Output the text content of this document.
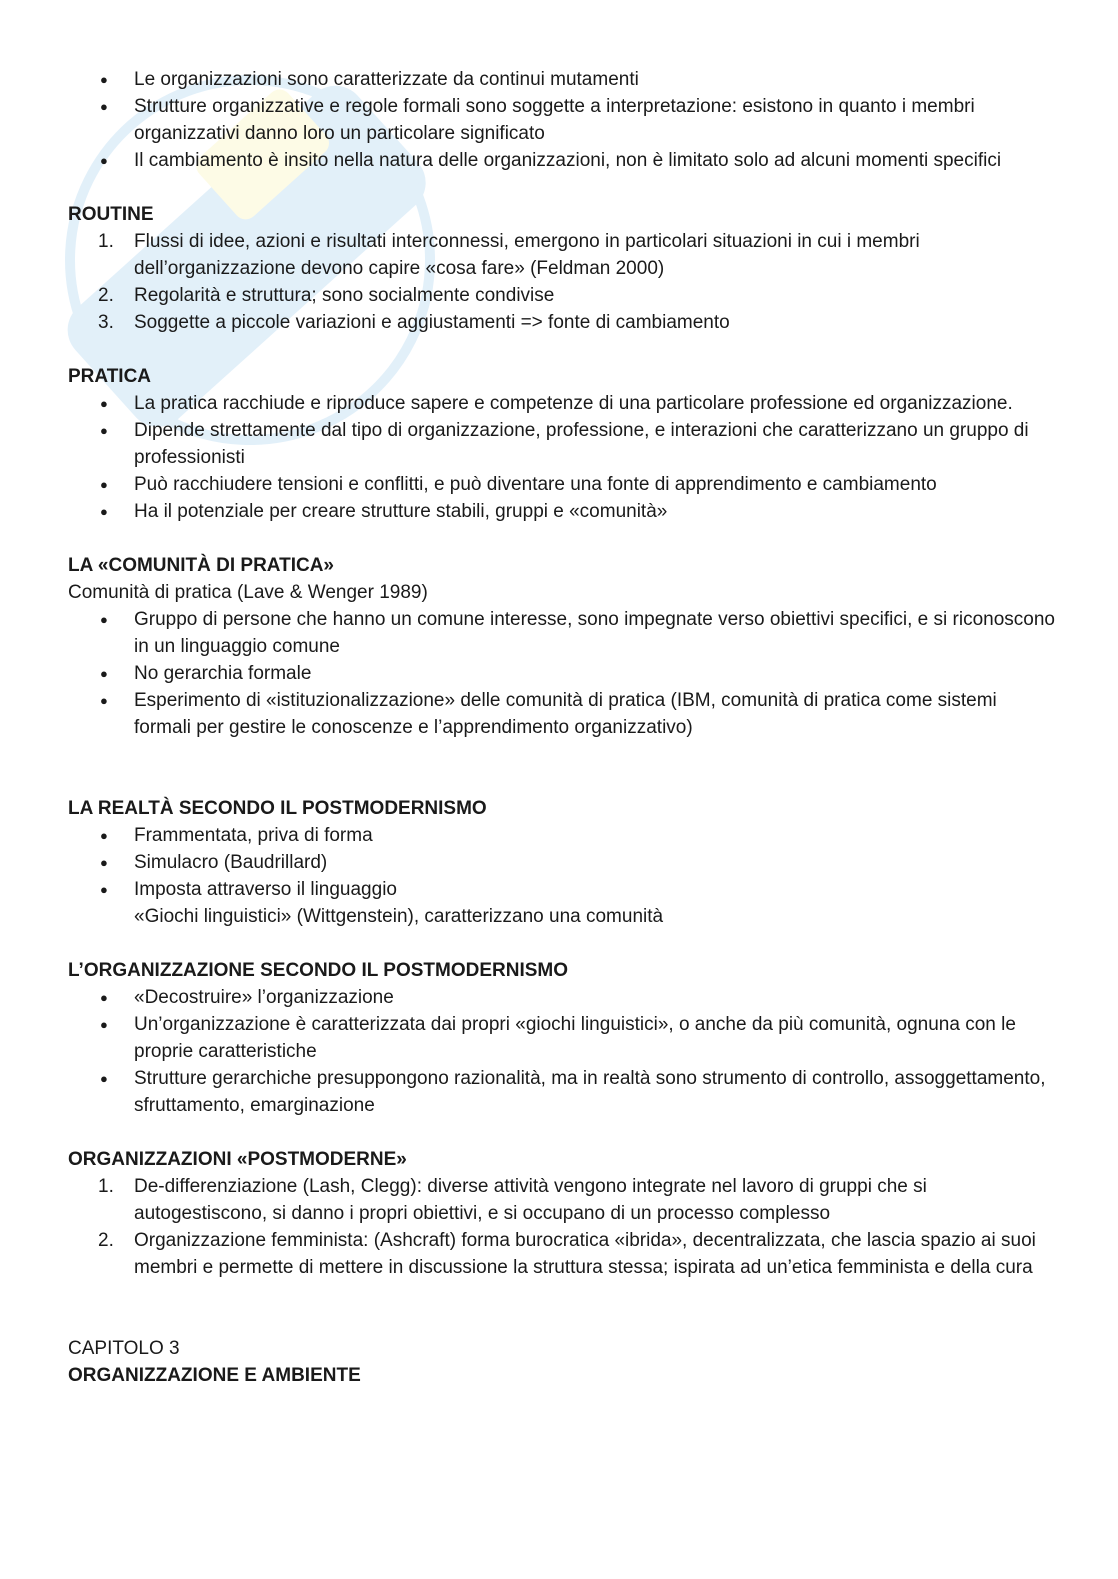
● Le organizzazioni sono caratterizzate da continui mutamenti
● Strutture organizzative e regole formali sono soggette a interpretazione: esistono in quanto i membri organizzativi danno loro un particolare significato
● Il cambiamento è insito nella natura delle organizzazioni, non è limitato solo ad alcuni momenti specifici
ROUTINE
1.	Flussi di idee, azioni e risultati interconnessi, emergono in particolari situazioni in cui i membri dell’organizzazione devono capire «cosa fare» (Feldman 2000)
2.	Regolarità e struttura; sono socialmente condivise
3.	Soggette a piccole variazioni e aggiustamenti => fonte di cambiamento
PRATICA
● La pratica racchiude e riproduce sapere e competenze di una particolare professione ed organizzazione.
● Dipende strettamente dal tipo di organizzazione, professione, e interazioni che caratterizzano un gruppo di professionisti
● Può racchiudere tensioni e conflitti, e può diventare una fonte di apprendimento e cambiamento
● Ha il potenziale per creare strutture stabili, gruppi e «comunità»
LA «COMUNITÀ DI PRATICA»
Comunità di pratica (Lave & Wenger 1989)
● Gruppo di persone che hanno un comune interesse, sono impegnate verso obiettivi specifici, e si riconoscono in un linguaggio comune
● No gerarchia formale
● Esperimento di «istituzionalizzazione» delle comunità di pratica (IBM, comunità di pratica come sistemi formali per gestire le conoscenze e l’apprendimento organizzativo)
LA REALTÀ SECONDO IL POSTMODERNISMO
● Frammentata, priva di forma
● Simulacro (Baudrillard)
● Imposta attraverso il linguaggio
«Giochi linguistici» (Wittgenstein), caratterizzano una comunità
L’ORGANIZZAZIONE SECONDO IL POSTMODERNISMO
● «Decostruire» l’organizzazione
● Un’organizzazione è caratterizzata dai propri «giochi linguistici», o anche da più comunità, ognuna con le proprie caratteristiche
● Strutture gerarchiche presuppongono razionalità, ma in realtà sono strumento di controllo, assoggettamento, sfruttamento, emarginazione
ORGANIZZAZIONI «POSTMODERNE»
1.	De-differenziazione (Lash, Clegg): diverse attività vengono integrate nel lavoro di gruppi che si autogestiscono, si danno i propri obiettivi, e si occupano di un processo complesso
2.	Organizzazione femminista: (Ashcraft) forma burocratica «ibrida», decentralizzata, che lascia spazio ai suoi membri e permette di mettere in discussione la struttura stessa; ispirata ad un’etica femminista e della cura
CAPITOLO 3
ORGANIZZAZIONE E AMBIENTE
